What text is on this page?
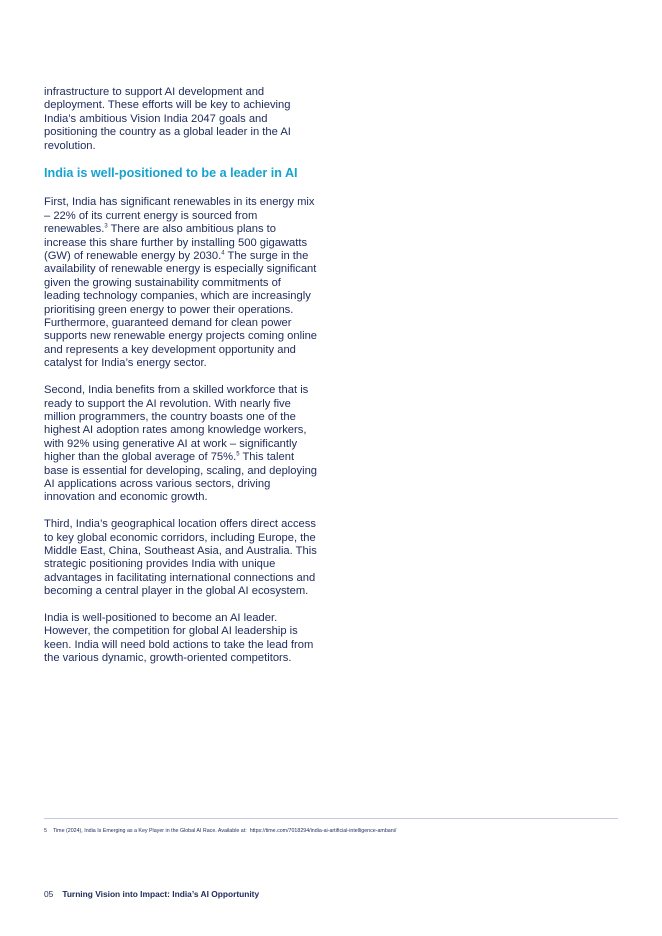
infrastructure to support AI development and deployment. These efforts will be key to achieving India’s ambitious Vision India 2047 goals and positioning the country as a global leader in the AI revolution.

India is well-positioned to be a leader in AI

First, India has significant renewables in its energy mix – 22% of its current energy is sourced from renewables.$^3$ There are also ambitious plans to increase this share further by installing 500 gigawatts (GW) of renewable energy by 2030.$^4$ The surge in the availability of renewable energy is especially significant given the growing sustainability commitments of leading technology companies, which are increasingly prioritising green energy to power their operations. Furthermore, guaranteed demand for clean power supports new renewable energy projects coming online and represents a key development opportunity and catalyst for India’s energy sector.

Second, India benefits from a skilled workforce that is ready to support the AI revolution. With nearly five million programmers, the country boasts one of the highest AI adoption rates among knowledge workers, with 92% using generative AI at work – significantly higher than the global average of 75%.$^5$ This talent base is essential for developing, scaling, and deploying AI applications across various sectors, driving innovation and economic growth.

Third, India’s geographical location offers direct access to key global economic corridors, including Europe, the Middle East, China, Southeast Asia, and Australia. This strategic positioning provides India with unique advantages in facilitating international connections and becoming a central player in the global AI ecosystem.

India is well-positioned to become an AI leader. However, the competition for global AI leadership is keen. India will need bold actions to take the lead from the various dynamic, growth-oriented competitors.

5 Time (2024), India Is Emerging as a Key Player in the Global AI Race. Available at: https://time.com/7018294/india-ai-artificial-intelligence-ambani/
05 Turning Vision into Impact: India’s AI Opportunity
